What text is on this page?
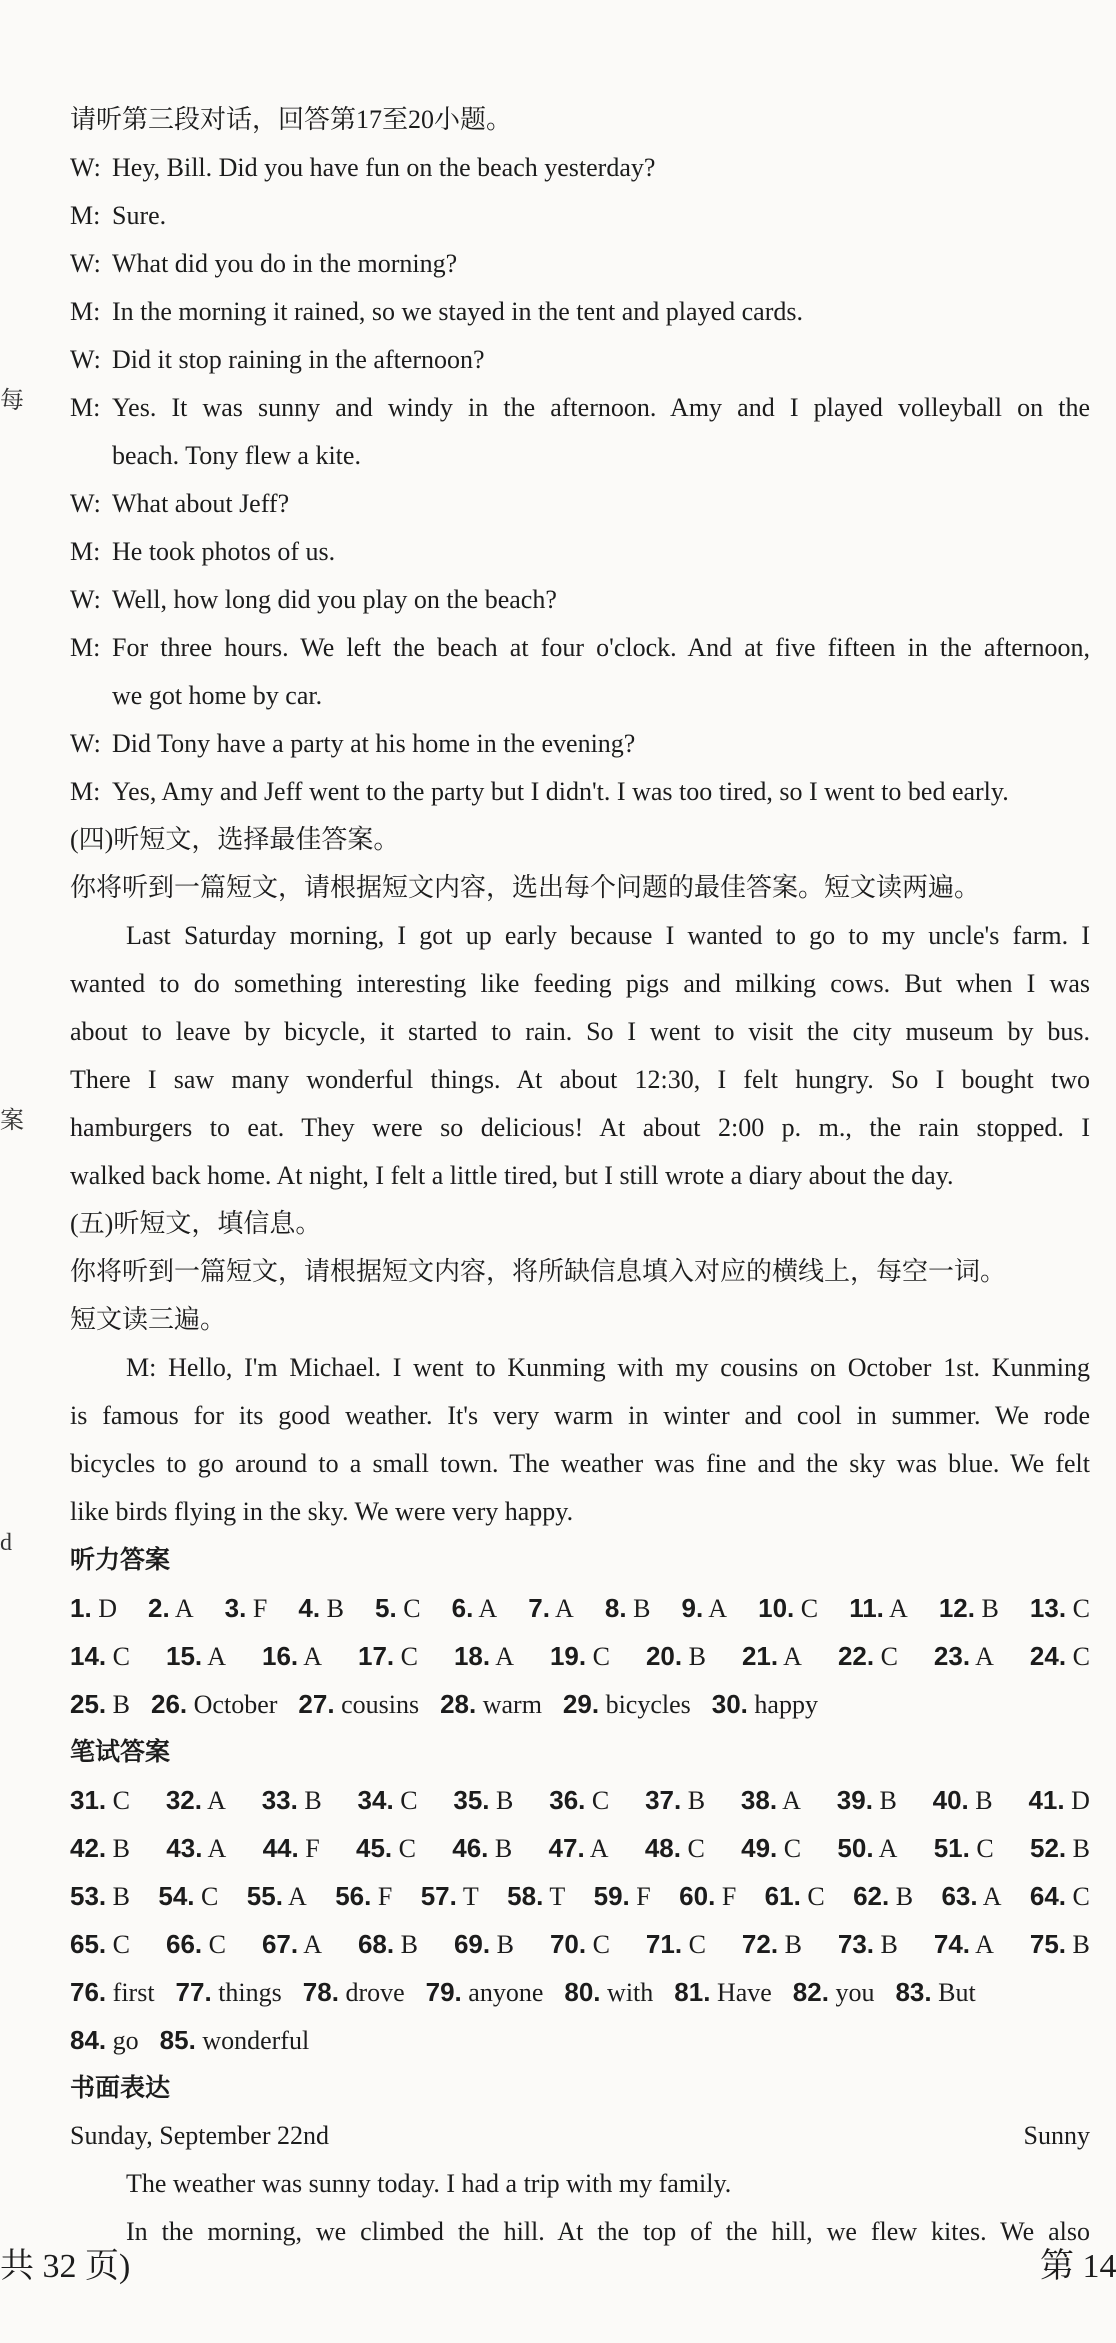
每
案
d
请听第三段对话，回答第17至20小题。
W: Hey, Bill. Did you have fun on the beach yesterday?
M: Sure.
W: What did you do in the morning?
M: In the morning it rained, so we stayed in the tent and played cards.
W: Did it stop raining in the afternoon?
M: Yes. It was sunny and windy in the afternoon. Amy and I played volleyball on the
beach. Tony flew a kite.
W: What about Jeff?
M: He took photos of us.
W: Well, how long did you play on the beach?
M: For three hours. We left the beach at four o'clock. And at five fifteen in the afternoon,
we got home by car.
W: Did Tony have a party at his home in the evening?
M: Yes, Amy and Jeff went to the party but I didn't. I was too tired, so I went to bed early.
(四)听短文，选择最佳答案。
你将听到一篇短文，请根据短文内容，选出每个问题的最佳答案。短文读两遍。
Last Saturday morning, I got up early because I wanted to go to my uncle's farm. I
wanted to do something interesting like feeding pigs and milking cows. But when I was
about to leave by bicycle, it started to rain. So I went to visit the city museum by bus.
There I saw many wonderful things. At about 12:30, I felt hungry. So I bought two
hamburgers to eat. They were so delicious! At about 2:00 p. m., the rain stopped. I
walked back home. At night, I felt a little tired, but I still wrote a diary about the day.
(五)听短文，填信息。
你将听到一篇短文，请根据短文内容，将所缺信息填入对应的横线上，每空一词。
短文读三遍。
M: Hello, I'm Michael. I went to Kunming with my cousins on October 1st. Kunming
is famous for its good weather. It's very warm in winter and cool in summer. We rode
bicycles to go around to a small town. The weather was fine and the sky was blue. We felt
like birds flying in the sky. We were very happy.
听力答案
1. D 2. A 3. F 4. B 5. C 6. A 7. A 8. B 9. A 10. C 11. A 12. B 13. C
14. C 15. A 16. A 17. C 18. A 19. C 20. B 21. A 22. C 23. A 24. C
25. B 26. October 27. cousins 28. warm 29. bicycles 30. happy
笔试答案
31. C 32. A 33. B 34. C 35. B 36. C 37. B 38. A 39. B 40. B 41. D
42. B 43. A 44. F 45. C 46. B 47. A 48. C 49. C 50. A 51. C 52. B
53. B 54. C 55. A 56. F 57. T 58. T 59. F 60. F 61. C 62. B 63. A 64. C
65. C 66. C 67. A 68. B 69. B 70. C 71. C 72. B 73. B 74. A 75. B
76. first 77. things 78. drove 79. anyone 80. with 81. Have 82. you 83. But
84. go 85. wonderful
书面表达
Sunday, September 22nd	Sunny
The weather was sunny today. I had a trip with my family.
In the morning, we climbed the hill. At the top of the hill, we flew kites. We also
共 32 页)	第 14
